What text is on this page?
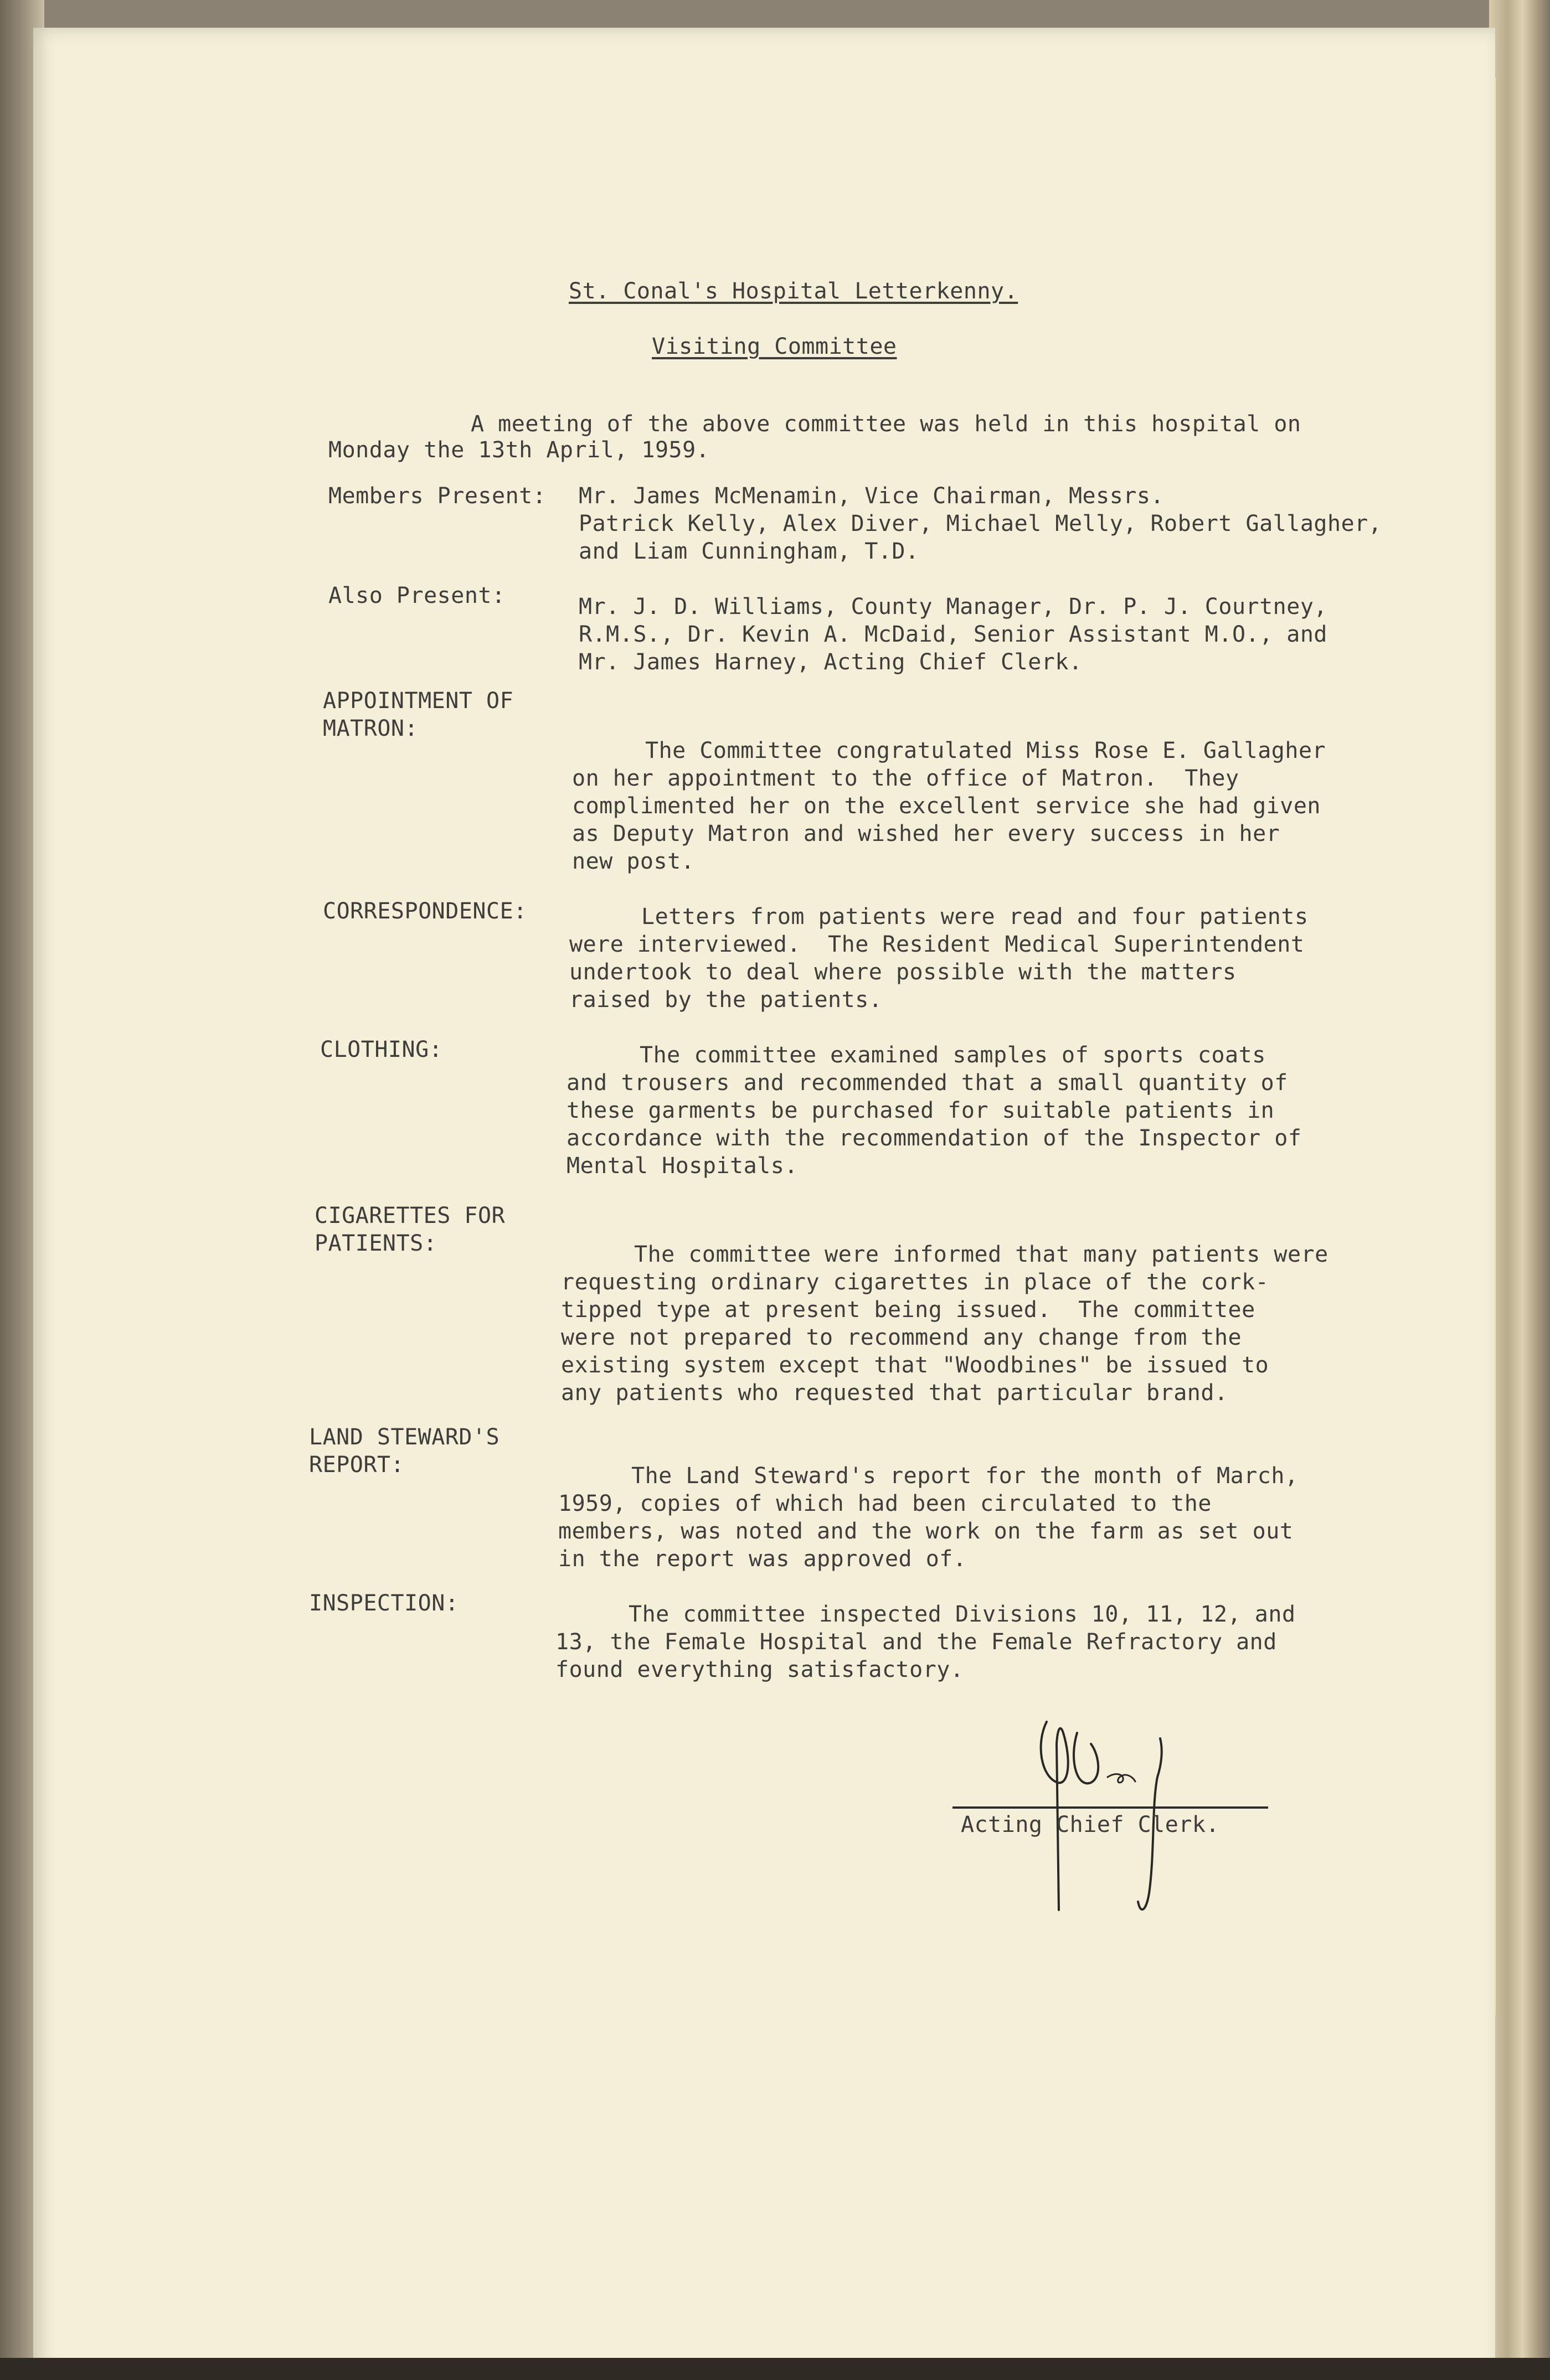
St. Conal's Hospital Letterkenny.
Visiting Committee
A meeting of the above committee was held in this hospital on
Monday the 13th April, 1959.
Members Present: Mr. James McMenamin, Vice Chairman, Messrs.
Patrick Kelly, Alex Diver, Michael Melly, Robert Gallagher,
and Liam Cunningham, T.D.
Also Present:	Mr. J. D. Williams, County Manager, Dr. P. J. Courtney,
R.M.S., Dr. Kevin A. McDaid, Senior Assistant M.O., and
Mr. James Harney, Acting Chief Clerk.
APPOINTMENT OF
MATRON:
The Committee congratulated Miss Rose E. Gallagher
on her appointment to the office of Matron.  They
complimented her on the excellent service she had given
as Deputy Matron and wished her every success in her
new post.
CORRESPONDENCE:	Letters from patients were read and four patients
were interviewed.  The Resident Medical Superintendent
undertook to deal where possible with the matters
raised by the patients.
CLOTHING:	The committee examined samples of sports coats
and trousers and recommended that a small quantity of
these garments be purchased for suitable patients in
accordance with the recommendation of the Inspector of
Mental Hospitals.
CIGARETTES FOR
PATIENTS:	The committee were informed that many patients were
requesting ordinary cigarettes in place of the cork-
tipped type at present being issued.  The committee
were not prepared to recommend any change from the
existing system except that "Woodbines" be issued to
any patients who requested that particular brand.
LAND STEWARD'S
REPORT:	The Land Steward's report for the month of March,
1959, copies of which had been circulated to the
members, was noted and the work on the farm as set out
in the report was approved of.
INSPECTION:	The committee inspected Divisions 10, 11, 12, and
13, the Female Hospital and the Female Refractory and
found everything satisfactory.
Acting Chief Clerk.
